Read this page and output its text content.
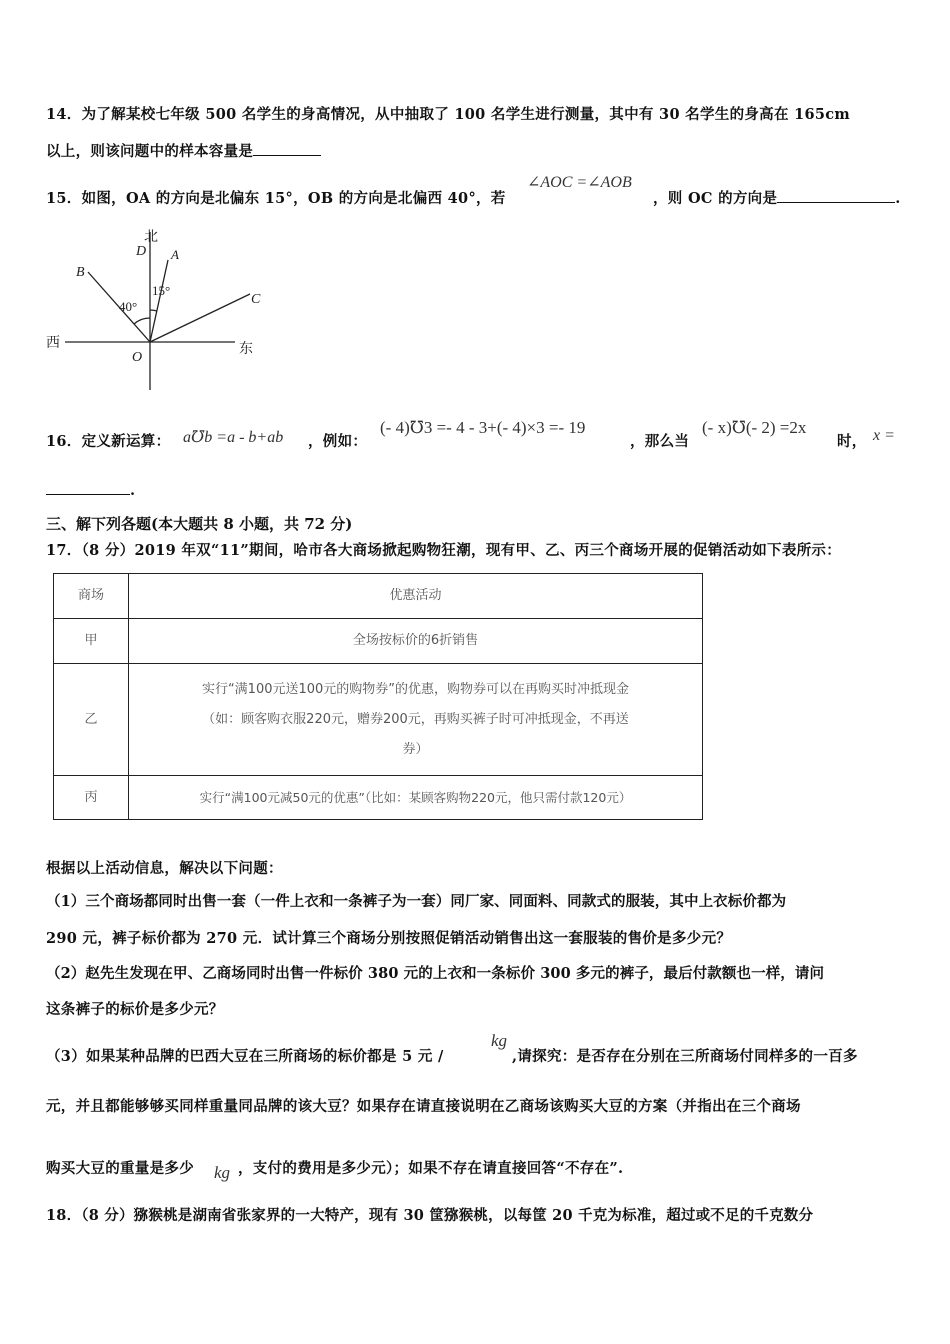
14．为了解某校七年级 500 名学生的身高情况，从中抽取了 100 名学生进行测量，其中有 30 名学生的身高在 165cm
以上，则该问题中的样本容量是
15．如图，OA 的方向是北偏东 15°，OB 的方向是北偏西 40°，若
∠AOC =∠AOB
，则 OC 的方向是	.
D A
B
C
O
北
西	东
40°
15°
16．定义新运算： a℧b =a - b+ab ，例如：
(- 4)℧3 =- 4 - 3+(- 4)×3 =- 19
，那么当
(- x)℧(- 2) =2x
时， x =
.
三、解下列各题(本大题共 8 小题，共 72 分)
17．（8 分）2019 年双“11”期间，哈市各大商场掀起购物狂潮，现有甲、乙、丙三个商场开展的促销活动如下表所示：
商场	优惠活动
甲	全场按标价的6折销售
乙	实行“满100元送100元的购物券”的优惠，购物券可以在再购买时冲抵现金
（如：顾客购衣服220元，赠券200元，再购买裤子时可冲抵现金，不再送
券）

丙	实行“满100元减50元的优惠”（比如：某顾客购物220元，他只需付款120元）
根据以上活动信息，解决以下问题：
（1）三个商场都同时出售一套（一件上衣和一条裤子为一套）同厂家、同面料、同款式的服装，其中上衣标价都为
290 元，裤子标价都为 270 元．试计算三个商场分别按照促销活动销售出这一套服装的售价是多少元？
（2）赵先生发现在甲、乙商场同时出售一件标价 380 元的上衣和一条标价 300 多元的裤子，最后付款额也一样，请问
这条裤子的标价是多少元？
（3）如果某种品牌的巴西大豆在三所商场的标价都是 5 元 /
kg
,请探究：是否存在分别在三所商场付同样多的一百多
元，并且都能够够买同样重量同品牌的该大豆？如果存在请直接说明在乙商场该购买大豆的方案（并指出在三个商场
购买大豆的重量是多少 kg ，支付的费用是多少元）；如果不存在请直接回答“不存在”.
18．（8 分）猕猴桃是湖南省张家界的一大特产，现有 30 筐猕猴桃，以每筐 20 千克为标准，超过或不足的千克数分
